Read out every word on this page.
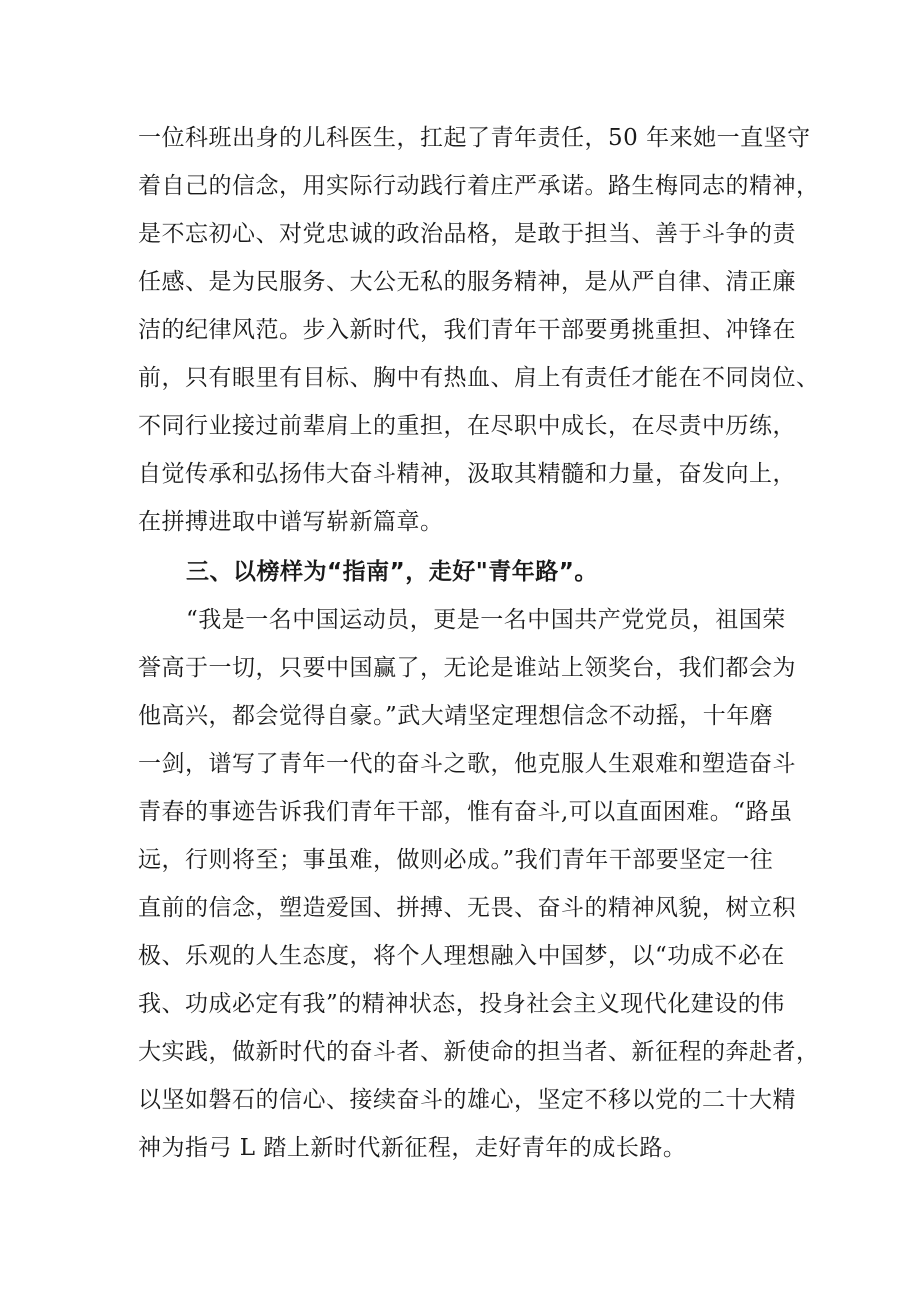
一位科班出身的儿科医生，扛起了青年责任，50 年来她一直坚守
着自己的信念，用实际行动践行着庄严承诺。路生梅同志的精神，
是不忘初心、对党忠诚的政治品格，是敢于担当、善于斗争的责
任感、是为民服务、大公无私的服务精神，是从严自律、清正廉
洁的纪律风范。步入新时代，我们青年干部要勇挑重担、冲锋在
前，只有眼里有目标、胸中有热血、肩上有责任才能在不同岗位、
不同行业接过前辈肩上的重担，在尽职中成长，在尽责中历练，
自觉传承和弘扬伟大奋斗精神，汲取其精髓和力量，奋发向上，
在拼搏进取中谱写崭新篇章。
三、以榜样为“指南”，走好"青年路”。
“我是一名中国运动员，更是一名中国共产党党员，祖国荣
誉高于一切，只要中国赢了，无论是谁站上领奖台，我们都会为
他高兴，都会觉得自豪。”武大靖坚定理想信念不动摇，十年磨
一剑，谱写了青年一代的奋斗之歌，他克服人生艰难和塑造奋斗
青春的事迹告诉我们青年干部，惟有奋斗,可以直面困难。“路虽
远，行则将至；事虽难，做则必成。”我们青年干部要坚定一往
直前的信念，塑造爱国、拼搏、无畏、奋斗的精神风貌，树立积
极、乐观的人生态度，将个人理想融入中国梦，以“功成不必在
我、功成必定有我”的精神状态，投身社会主义现代化建设的伟
大实践，做新时代的奋斗者、新使命的担当者、新征程的奔赴者，
以坚如磐石的信心、接续奋斗的雄心，坚定不移以党的二十大精
神为指弓 L 踏上新时代新征程，走好青年的成长路。
